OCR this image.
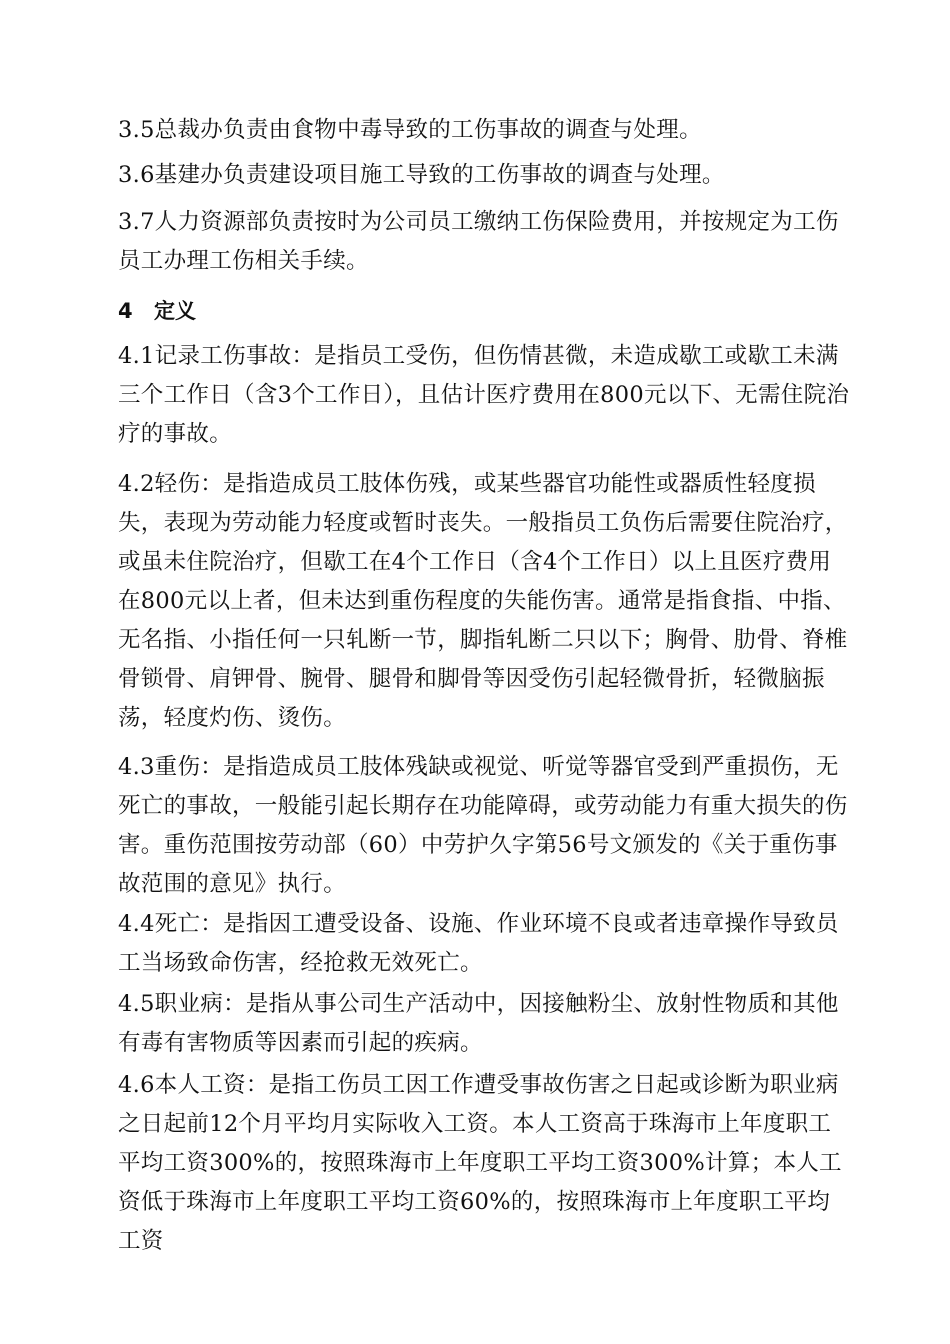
3.5总裁办负责由食物中毒导致的工伤事故的调查与处理。

3.6基建办负责建设项目施工导致的工伤事故的调查与处理。

3.7人力资源部负责按时为公司员工缴纳工伤保险费用，并按规定为工伤员工办理工伤相关手续。

4 定义

4.1记录工伤事故：是指员工受伤，但伤情甚微，未造成歇工或歇工未满三个工作日（含3个工作日），且估计医疗费用在800元以下、无需住院治疗的事故。

4.2轻伤：是指造成员工肢体伤残，或某些器官功能性或器质性轻度损失，表现为劳动能力轻度或暂时丧失。一般指员工负伤后需要住院治疗，或虽未住院治疗，但歇工在4个工作日（含4个工作日）以上且医疗费用在800元以上者，但未达到重伤程度的失能伤害。通常是指食指、中指、无名指、小指任何一只轧断一节，脚指轧断二只以下；胸骨、肋骨、脊椎骨锁骨、肩钾骨、腕骨、腿骨和脚骨等因受伤引起轻微骨折，轻微脑振荡，轻度灼伤、烫伤。

4.3重伤：是指造成员工肢体残缺或视觉、听觉等器官受到严重损伤，无死亡的事故，一般能引起长期存在功能障碍，或劳动能力有重大损失的伤害。重伤范围按劳动部（60）中劳护久字第56号文颁发的《关于重伤事故范围的意见》执行。

4.4死亡：是指因工遭受设备、设施、作业环境不良或者违章操作导致员工当场致命伤害，经抢救无效死亡。

4.5职业病：是指从事公司生产活动中，因接触粉尘、放射性物质和其他有毒有害物质等因素而引起的疾病。

4.6本人工资：是指工伤员工因工作遭受事故伤害之日起或诊断为职业病之日起前12个月平均月实际收入工资。本人工资高于珠海市上年度职工平均工资300%的，按照珠海市上年度职工平均工资300%计算；本人工资低于珠海市上年度职工平均工资60%的，按照珠海市上年度职工平均工资
